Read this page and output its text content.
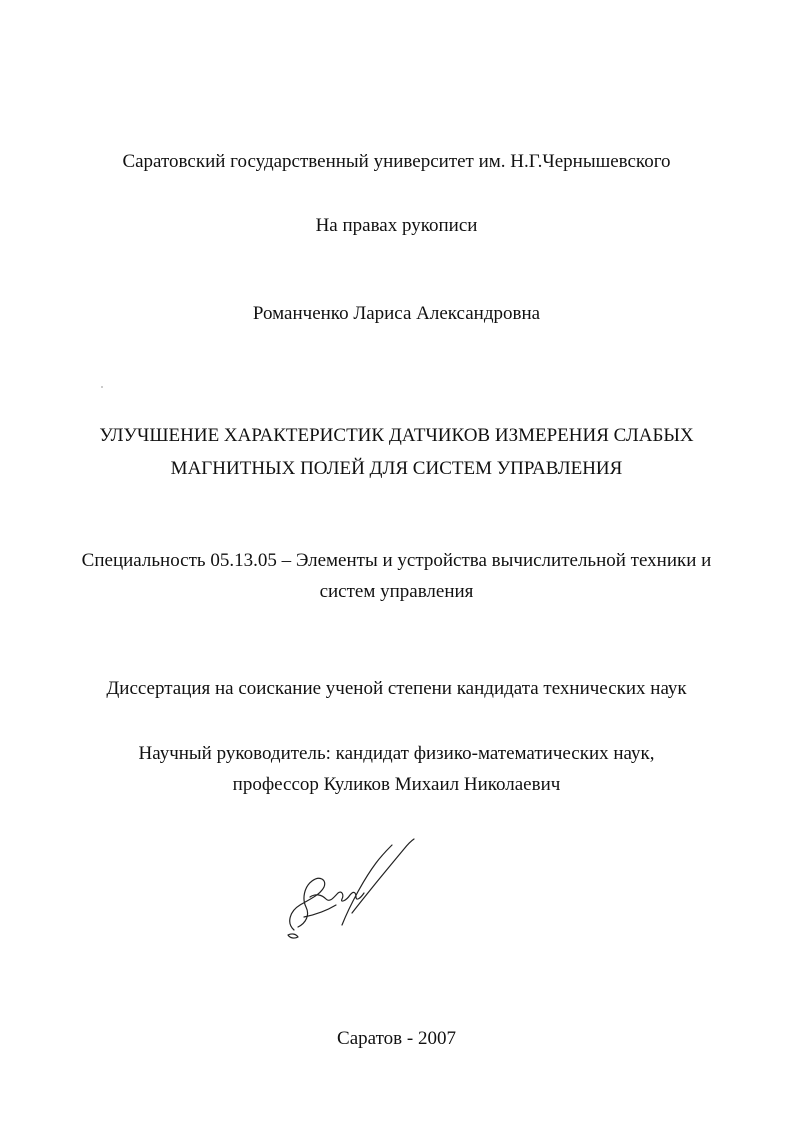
Саратовский государственный университет им. Н.Г.Чернышевского
На правах рукописи
Романченко Лариса Александровна
УЛУЧШЕНИЕ ХАРАКТЕРИСТИК ДАТЧИКОВ ИЗМЕРЕНИЯ СЛАБЫХ
МАГНИТНЫХ ПОЛЕЙ ДЛЯ СИСТЕМ УПРАВЛЕНИЯ
Специальность 05.13.05 – Элементы и устройства вычислительной техники и
систем управления
Диссертация на соискание ученой степени кандидата технических наук
Научный руководитель: кандидат физико-математических наук,
профессор Куликов Михаил Николаевич
Саратов - 2007
